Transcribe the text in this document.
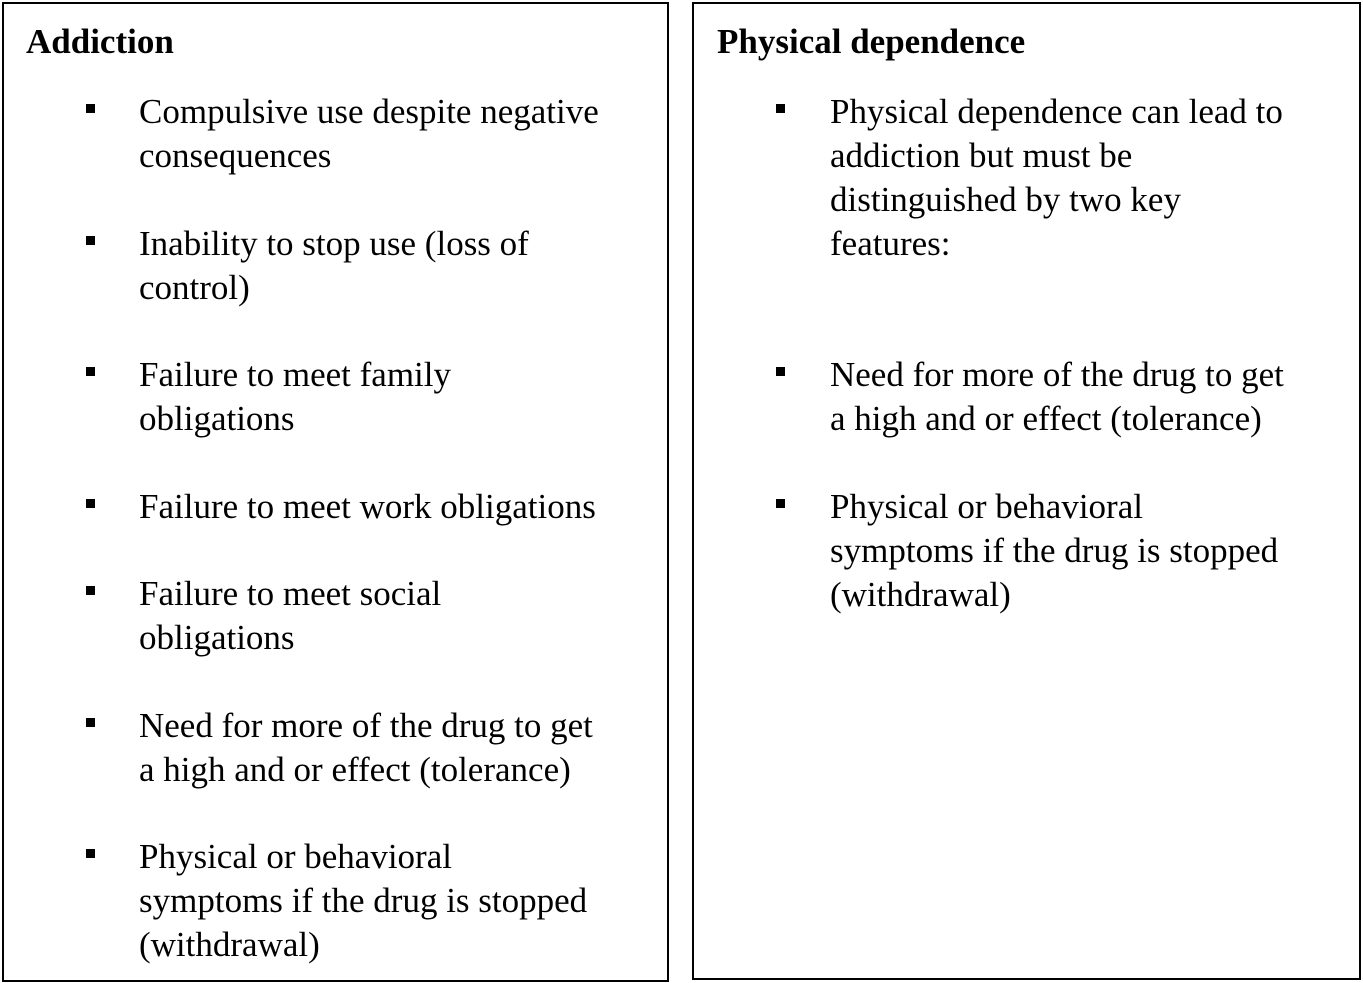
Addiction
Compulsive use despite negative
consequences
Inability to stop use (loss of
control)
Failure to meet family
obligations
Failure to meet work obligations
Failure to meet social
obligations
Need for more of the drug to get
a high and or effect (tolerance)
Physical or behavioral
symptoms if the drug is stopped
(withdrawal)
Physical dependence
Physical dependence can lead to
addiction but must be
distinguished by two key
features:
Need for more of the drug to get
a high and or effect (tolerance)
Physical or behavioral
symptoms if the drug is stopped
(withdrawal)
